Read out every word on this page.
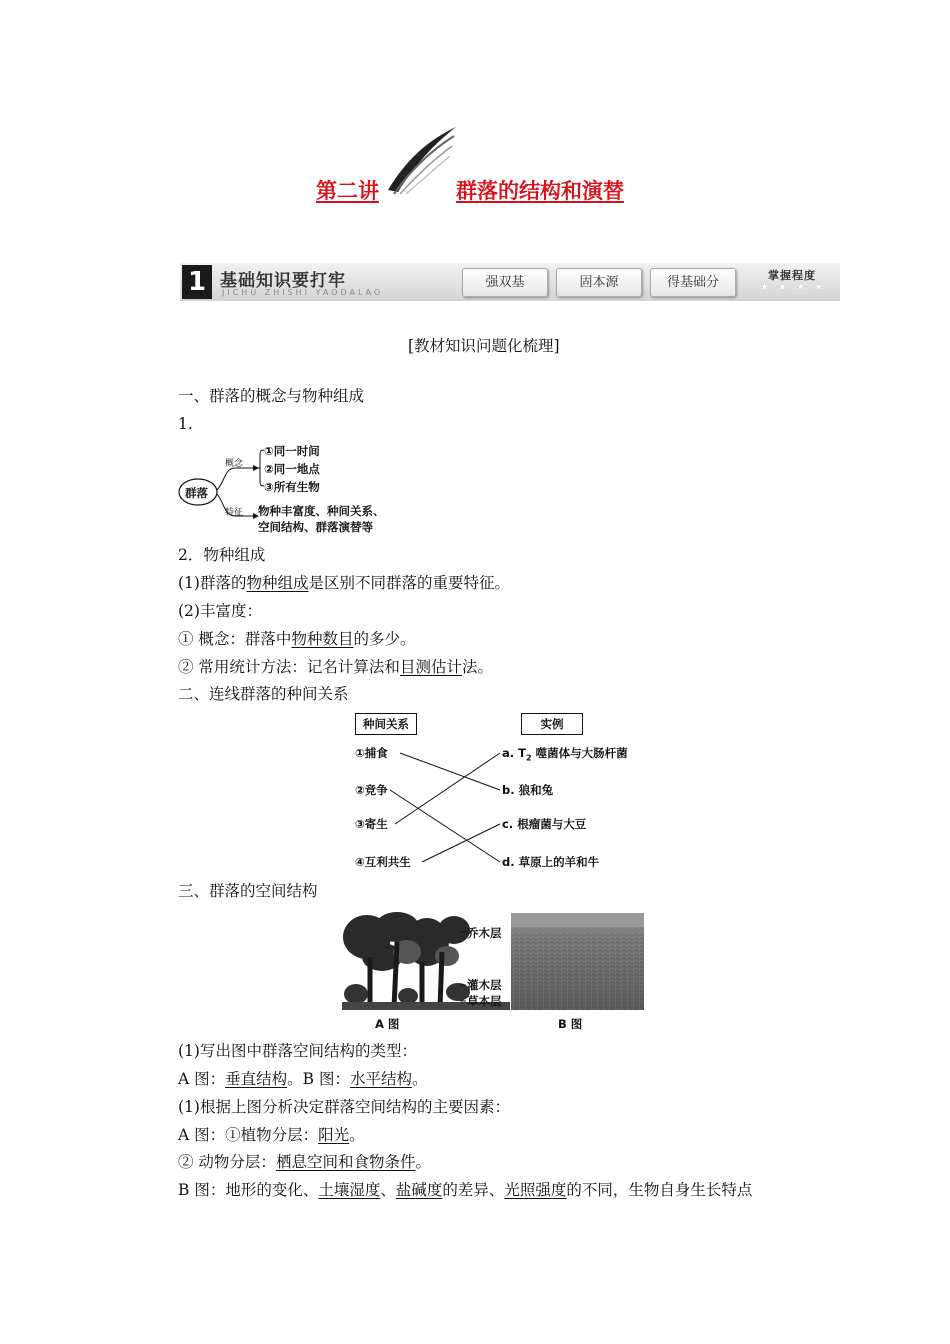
第二讲	群落的结构和演替
1 基础知识要打牢
JICHU ZHISHI YAODALAO
强双基	固本源	得基础分	掌握程度
★ ★ ★ ★
[教材知识问题化梳理]
一、群落的概念与物种组成
1.
群落
概念
特征
①同一时间
②同一地点
③所有生物
物种丰富度、种间关系、
空间结构、群落演替等
2．物种组成
(1)群落的物种组成是区别不同群落的重要特征。
(2)丰富度：
① 概念：群落中物种数目的多少。
② 常用统计方法：记名计算法和目测估计法。
二、连线群落的种间关系
种间关系	实例
①捕食
②竞争
③寄生
④互利共生
a. $T_2$ 噬菌体与大肠杆菌
b. 狼和兔
c. 根瘤菌与大豆
d. 草原上的羊和牛
三、群落的空间结构
乔木层
灌木层
草本层
A 图	B 图
(1)写出图中群落空间结构的类型：
A 图：垂直结构。B 图：水平结构。
(1)根据上图分析决定群落空间结构的主要因素：
A 图：①植物分层：阳光。
② 动物分层：栖息空间和食物条件。
B 图：地形的变化、土壤湿度、盐碱度的差异、光照强度的不同，生物自身生长特点
